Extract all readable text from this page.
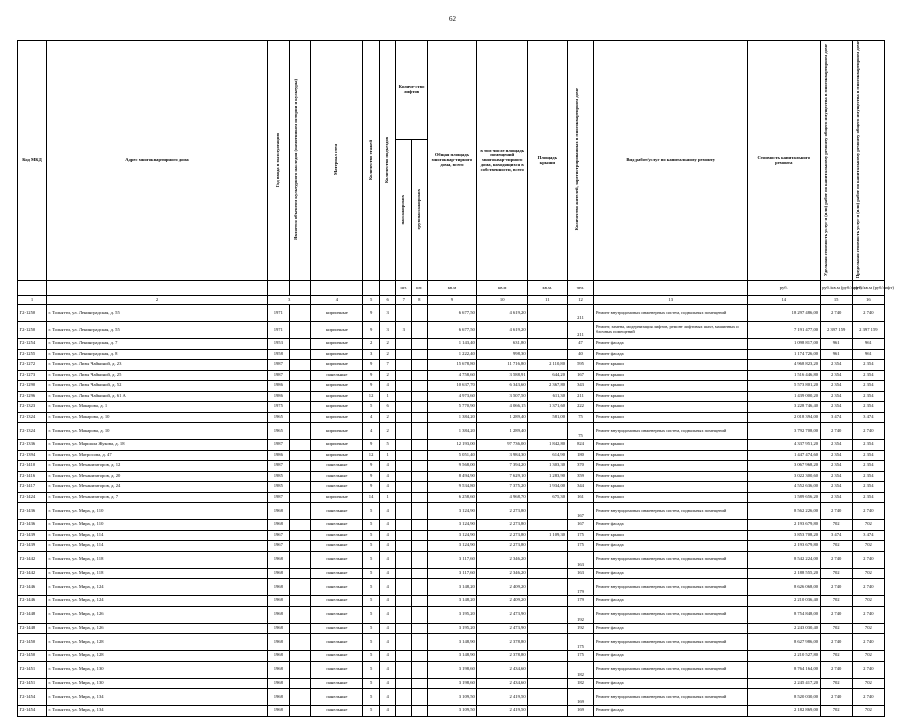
62
Код МКД	Адрес многоквартирного дома	Год ввода в эксплуатацию	Является объектом культурного наследия (памятником истории и культуры)	Материал стен	Количество этажей	Количество подъездов	Количе-ство лифтов		Общая площадь многоквар-тирного дома, всего	в том числе площадь помещений многоквар-тирного дома, находящихся в собственности, всего	Площадь крыши	Количество жителей, зарегистрированных в многоквартирном доме	Вид работ/услуг по капитальному ремонту	Стоимость капитального ремонта	Удельная стоимость услуг и (или) работ по капитальному ремонту общего имущества в многоквартирном доме	Предельная стоимость услуг и (или) работ по капитальному ремонту общего имущества в многоквартирном доме
							пассажирских	грузопассажирских								
							шт.	шт.	кв.м	кв.м	кв.м.	чел.		руб.	руб./кв.м (руб/лифт)	руб./кв.м (руб/лифт)
1	2	3		4	5	6	7	8	9	10	11	12	13	14	15	16
Г2-1250	г. Тольятти, ул. Ленинградская, д. 55	1971		кирпичные	9	3			6 677,50	4 619,20		211	Ремонт внутридомовых инженерных систем, подвальных помещений	18 297 486,00	2 740	2 740
Г2-1250	г. Тольятти, ул. Ленинградская, д. 55	1971		кирпичные	9	3	3		6 677,50	4 619,20		211	Ремонт, замена, модернизация лифтов, ремонт лифтовых шахт, машинных и блочных помещений	7 191 477,00	2 397 159	2 397 159
Г2-1254	г. Тольятти, ул. Ленинградская, д. 7	1953		кирпичные	2	2			1 143,40	631,80		47	Ремонт фасада	1 098 817,00	961	961
Г2-1255	г. Тольятти, ул. Ленинградская, д. 8	1958		кирпичные	3	2			1 222,40	998,30		40	Ремонт фасада	1 174 726,00	961	961
Г2-1272	г. Тольятти, ул. Лизы Чайкиной, д. 23	1987		кирпичные	9	7			15 678,80	11 716,80	2 110,80	595	Ремонт крыши	4 968 823,20	2 354	2 354
Г2-1273	г. Тольятти, ул. Лизы Чайкиной, д. 25	1987		панельные	9	2			4 758,60	3 588,91	644,20	167	Ремонт крыши	1 516 446,80	2 354	2 354
Г2-1290	г. Тольятти, ул. Лизы Чайкиной, д. 52	1986		кирпичные	9	4			10 637,70	6 343,60	2 367,80	343	Ремонт крыши	5 573 801,20	2 354	2 354
Г2-1296	г. Тольятти, ул. Лизы Чайкиной, д. 61 А	1986		кирпичные	12	1			4 973,60	3 507,50	611,30	211	Ремонт крыши	1 439 000,20	2 354	2 354
Г2-1323	г. Тольятти, ул. Макарова, д. 1	1975		кирпичные	5	6			5 770,90	4 066,15	1 371,60	222	Ремонт крыши	3 228 746,40	2 354	2 354
Г2-1324	г. Тольятти, ул. Макарова, д. 10	1965		кирпичные	4	2			1 384,20	1 289,40	581,00	75	Ремонт крыши	2 018 394,00	3 474	3 474
Г2-1324	г. Тольятти, ул. Макарова, д. 10	1965		кирпичные	4	2			1 384,20	1 289,40		75	Ремонт внутридомовых инженерных систем, подвальных помещений	3 792 708,00	2 740	2 740
Г2-1336	г. Тольятти, ул. Маршала Жукова, д. 18	1987		кирпичные	9	5			12 193,00	97 736,00	1 842,80	824	Ремонт крыши	4 337 951,20	2 354	2 354
Г2-1394	г. Тольятти, ул. Матросова, д. 47	1986		кирпичные	12	1			5 051,40	3 984,30	614,90	180	Ремонт крыши	1 447 474,60	2 354	2 354
Г2-1410	г. Тольятти, ул. Механизаторов, д. 12	1987		панельные	9	4			9 568,00	7 394,20	1 303,30	370	Ремонт крыши	3 067 968,20	2 354	2 354
Г2-1416	г. Тольятти, ул. Механизаторов, д. 20	1985		панельные	9	4			8 494,90	7 629,10	1 283,90	359	Ремонт крыши	3 022 300,60	2 354	2 354
Г2-1417	г. Тольятти, ул. Механизаторов, д. 24	1985		панельные	9	4			9 534,80	7 375,20	1 934,00	344	Ремонт крыши	4 552 636,00	2 354	2 354
Г2-1424	г. Тольятти, ул. Механизаторов, д. 7	1987		кирпичные	14	1			6 258,60	4 968,70	675,30	161	Ремонт крыши	1 589 656,20	2 354	2 354
Г2-1436	г. Тольятти, ул. Мира, д. 110	1968		панельные	5	4			3 124,90	2 273,80		167	Ремонт внутридомовых инженерных систем, подвальных помещений	8 562 226,00	2 740	2 740
Г2-1436	г. Тольятти, ул. Мира, д. 110	1968		панельные	5	4			3 124,90	2 273,80		167	Ремонт фасада	2 193 679,80	702	702
Г2-1439	г. Тольятти, ул. Мира, д. 114	1967		панельные	5	4			3 124,90	2 273,80	1 109,30	175	Ремонт крыши	3 853 708,20	3 474	3 474
Г2-1439	г. Тольятти, ул. Мира, д. 114	1967		панельные	5	4			3 124,90	2 273,80		175	Ремонт фасада	2 193 679,80	702	702
Г2-1442	г. Тольятти, ул. Мира, д. 118	1968		панельные	5	4			3 117,60	2 346,20		163	Ремонт внутридомовых инженерных систем, подвальных помещений	8 542 224,00	2 740	2 740
Г2-1442	г. Тольятти, ул. Мира, д. 118	1968		панельные	5	4			3 117,60	2 346,20		163	Ремонт фасада	2 188 555,20	702	702
Г2-1446	г. Тольятти, ул. Мира, д. 124	1968		панельные	5	4			3 148,20	2 409,20		179	Ремонт внутридомовых инженерных систем, подвальных помещений	8 626 068,00	2 740	2 740
Г2-1446	г. Тольятти, ул. Мира, д. 124	1968		панельные	5	4			3 148,20	2 409,20		179	Ремонт фасада	2 210 036,40	702	702
Г2-1448	г. Тольятти, ул. Мира, д. 126	1968		панельные	5	4			3 195,20	2 473,90		192	Ремонт внутридомовых инженерных систем, подвальных помещений	8 754 848,00	2 740	2 740
Г2-1448	г. Тольятти, ул. Мира, д. 126	1968		панельные	5	4			3 195,20	2 473,90		192	Ремонт фасада	2 243 030,40	702	702
Г2-1450	г. Тольятти, ул. Мира, д. 128	1968		панельные	5	4			3 148,90	2 378,80		175	Ремонт внутридомовых инженерных систем, подвальных помещений	8 627 986,00	2 740	2 740
Г2-1450	г. Тольятти, ул. Мира, д. 128	1968		панельные	5	4			3 148,90	2 378,80		175	Ремонт фасада	2 210 527,80	702	702
Г2-1451	г. Тольятти, ул. Мира, д. 130	1968		панельные	5	4			3 198,60	2 434,60		182	Ремонт внутридомовых инженерных систем, подвальных помещений	8 764 164,00	2 740	2 740
Г2-1451	г. Тольятти, ул. Мира, д. 130	1968		панельные	5	4			3 198,60	2 434,60		182	Ремонт фасада	2 245 417,20	702	702
Г2-1454	г. Тольятти, ул. Мира, д. 134	1968		панельные	5	4			3 109,50	2 419,50		169	Ремонт внутридомовых инженерных систем, подвальных помещений	8 520 030,00	2 740	2 740
Г2-1454	г. Тольятти, ул. Мира, д. 134	1968		панельные	5	4			3 109,50	2 419,50		169	Ремонт фасада	2 182 869,00	702	702
